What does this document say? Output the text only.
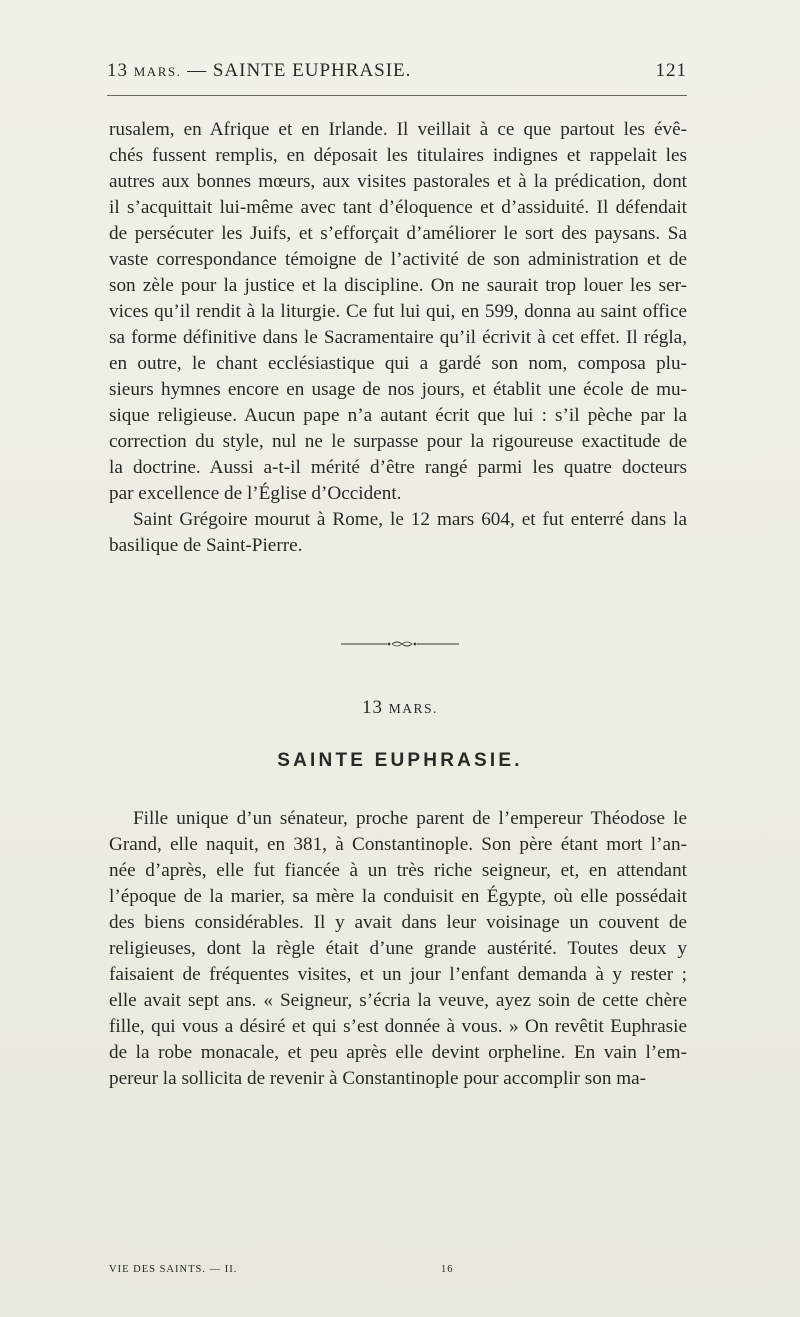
13 MARS. — SAINTE EUPHRASIE.	121
rusalem, en Afrique et en Irlande. Il veillait à ce que partout les évê-
chés fussent remplis, en déposait les titulaires indignes et rappelait les
autres aux bonnes mœurs, aux visites pastorales et à la prédication, dont
il s’acquittait lui-même avec tant d’éloquence et d’assiduité. Il défendait
de persécuter les Juifs, et s’efforçait d’améliorer le sort des paysans. Sa
vaste correspondance témoigne de l’activité de son administration et de
son zèle pour la justice et la discipline. On ne saurait trop louer les ser-
vices qu’il rendit à la liturgie. Ce fut lui qui, en 599, donna au saint office
sa forme définitive dans le Sacramentaire qu’il écrivit à cet effet. Il régla,
en outre, le chant ecclésiastique qui a gardé son nom, composa plu-
sieurs hymnes encore en usage de nos jours, et établit une école de mu-
sique religieuse. Aucun pape n’a autant écrit que lui : s’il pèche par la
correction du style, nul ne le surpasse pour la rigoureuse exactitude de
la doctrine. Aussi a-t-il mérité d’être rangé parmi les quatre docteurs
par excellence de l’Église d’Occident.
Saint Grégoire mourut à Rome, le 12 mars 604, et fut enterré dans la
basilique de Saint-Pierre.
13 MARS.
SAINTE EUPHRASIE.
Fille unique d’un sénateur, proche parent de l’empereur Théodose le
Grand, elle naquit, en 381, à Constantinople. Son père étant mort l’an-
née d’après, elle fut fiancée à un très riche seigneur, et, en attendant
l’époque de la marier, sa mère la conduisit en Égypte, où elle possédait
des biens considérables. Il y avait dans leur voisinage un couvent de
religieuses, dont la règle était d’une grande austérité. Toutes deux y
faisaient de fréquentes visites, et un jour l’enfant demanda à y rester ;
elle avait sept ans. « Seigneur, s’écria la veuve, ayez soin de cette chère
fille, qui vous a désiré et qui s’est donnée à vous. » On revêtit Euphrasie
de la robe monacale, et peu après elle devint orpheline. En vain l’em-
pereur la sollicita de revenir à Constantinople pour accomplir son ma-
VIE DES SAINTS. — II.	16
